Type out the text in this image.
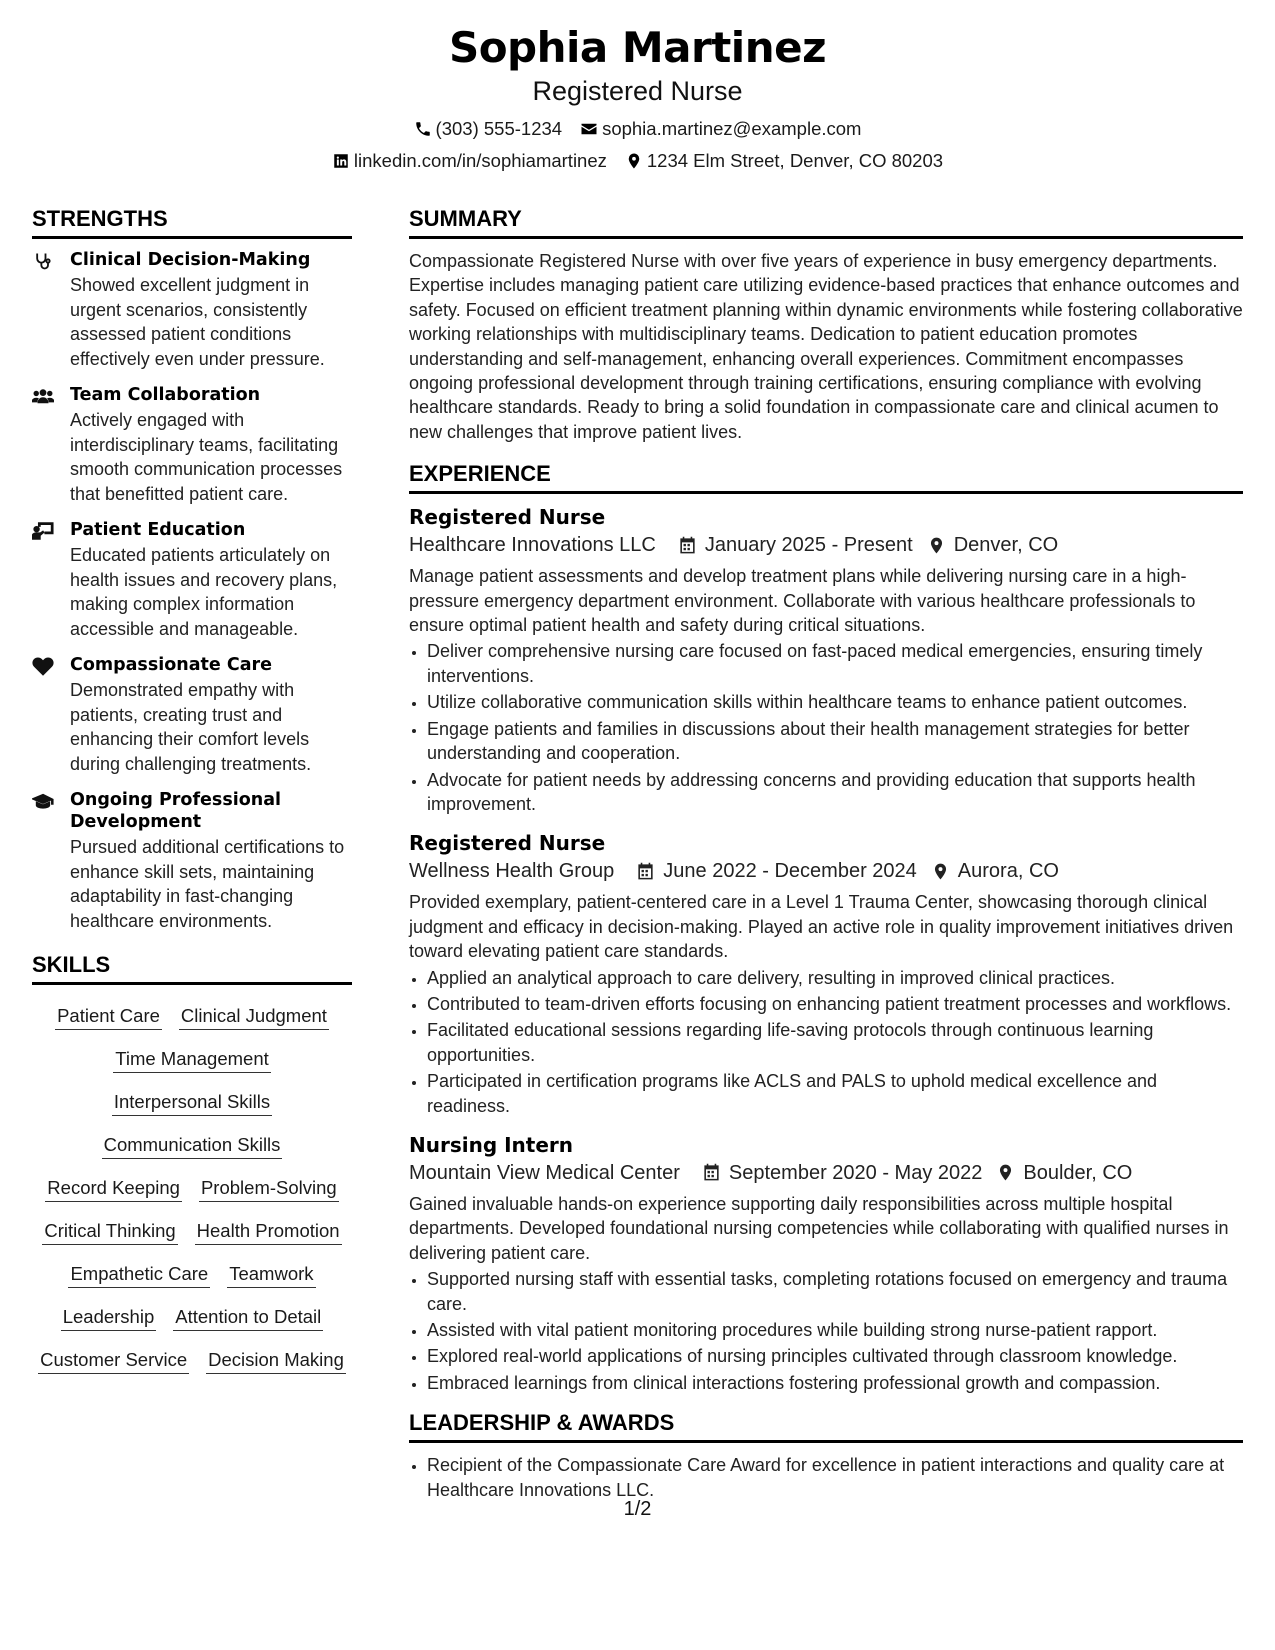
Sophia Martinez
Registered Nurse
(303) 555-1234 sophia.martinez@example.com
linkedin.com/in/sophiamartinez 1234 Elm Street, Denver, CO 80203
STRENGTHS
Clinical Decision-Making
Showed excellent judgment in urgent scenarios, consistently assessed patient conditions effectively even under pressure.
Team Collaboration
Actively engaged with interdisciplinary teams, facilitating smooth communication processes that benefitted patient care.
Patient Education
Educated patients articulately on health issues and recovery plans, making complex information accessible and manageable.
Compassionate Care
Demonstrated empathy with patients, creating trust and enhancing their comfort levels during challenging treatments.
Ongoing Professional Development
Pursued additional certifications to enhance skill sets, maintaining adaptability in fast-changing healthcare environments.
SKILLS
Patient Care Clinical Judgment
Time Management
Interpersonal Skills
Communication Skills
Record Keeping Problem-Solving
Critical Thinking Health Promotion
Empathetic Care Teamwork
Leadership Attention to Detail
Customer Service Decision Making
SUMMARY
Compassionate Registered Nurse with over five years of experience in busy emergency departments. Expertise includes managing patient care utilizing evidence-based practices that enhance outcomes and safety. Focused on efficient treatment planning within dynamic environments while fostering collaborative working relationships with multidisciplinary teams. Dedication to patient education promotes understanding and self-management, enhancing overall experiences. Commitment encompasses ongoing professional development through training certifications, ensuring compliance with evolving healthcare standards. Ready to bring a solid foundation in compassionate care and clinical acumen to new challenges that improve patient lives.
EXPERIENCE
Registered Nurse
Healthcare Innovations LLC January 2025 - Present Denver, CO
Manage patient assessments and develop treatment plans while delivering nursing care in a high-pressure emergency department environment. Collaborate with various healthcare professionals to ensure optimal patient health and safety during critical situations.
• Deliver comprehensive nursing care focused on fast-paced medical emergencies, ensuring timely interventions.
• Utilize collaborative communication skills within healthcare teams to enhance patient outcomes.
• Engage patients and families in discussions about their health management strategies for better understanding and cooperation.
• Advocate for patient needs by addressing concerns and providing education that supports health improvement.
Registered Nurse
Wellness Health Group June 2022 - December 2024 Aurora, CO
Provided exemplary, patient-centered care in a Level 1 Trauma Center, showcasing thorough clinical judgment and efficacy in decision-making. Played an active role in quality improvement initiatives driven toward elevating patient care standards.
• Applied an analytical approach to care delivery, resulting in improved clinical practices.
• Contributed to team-driven efforts focusing on enhancing patient treatment processes and workflows.
• Facilitated educational sessions regarding life-saving protocols through continuous learning opportunities.
• Participated in certification programs like ACLS and PALS to uphold medical excellence and readiness.
Nursing Intern
Mountain View Medical Center September 2020 - May 2022 Boulder, CO
Gained invaluable hands-on experience supporting daily responsibilities across multiple hospital departments. Developed foundational nursing competencies while collaborating with qualified nurses in delivering patient care.
• Supported nursing staff with essential tasks, completing rotations focused on emergency and trauma care.
• Assisted with vital patient monitoring procedures while building strong nurse-patient rapport.
• Explored real-world applications of nursing principles cultivated through classroom knowledge.
• Embraced learnings from clinical interactions fostering professional growth and compassion.
LEADERSHIP & AWARDS
• Recipient of the Compassionate Care Award for excellence in patient interactions and quality care at Healthcare Innovations LLC.
1/2
